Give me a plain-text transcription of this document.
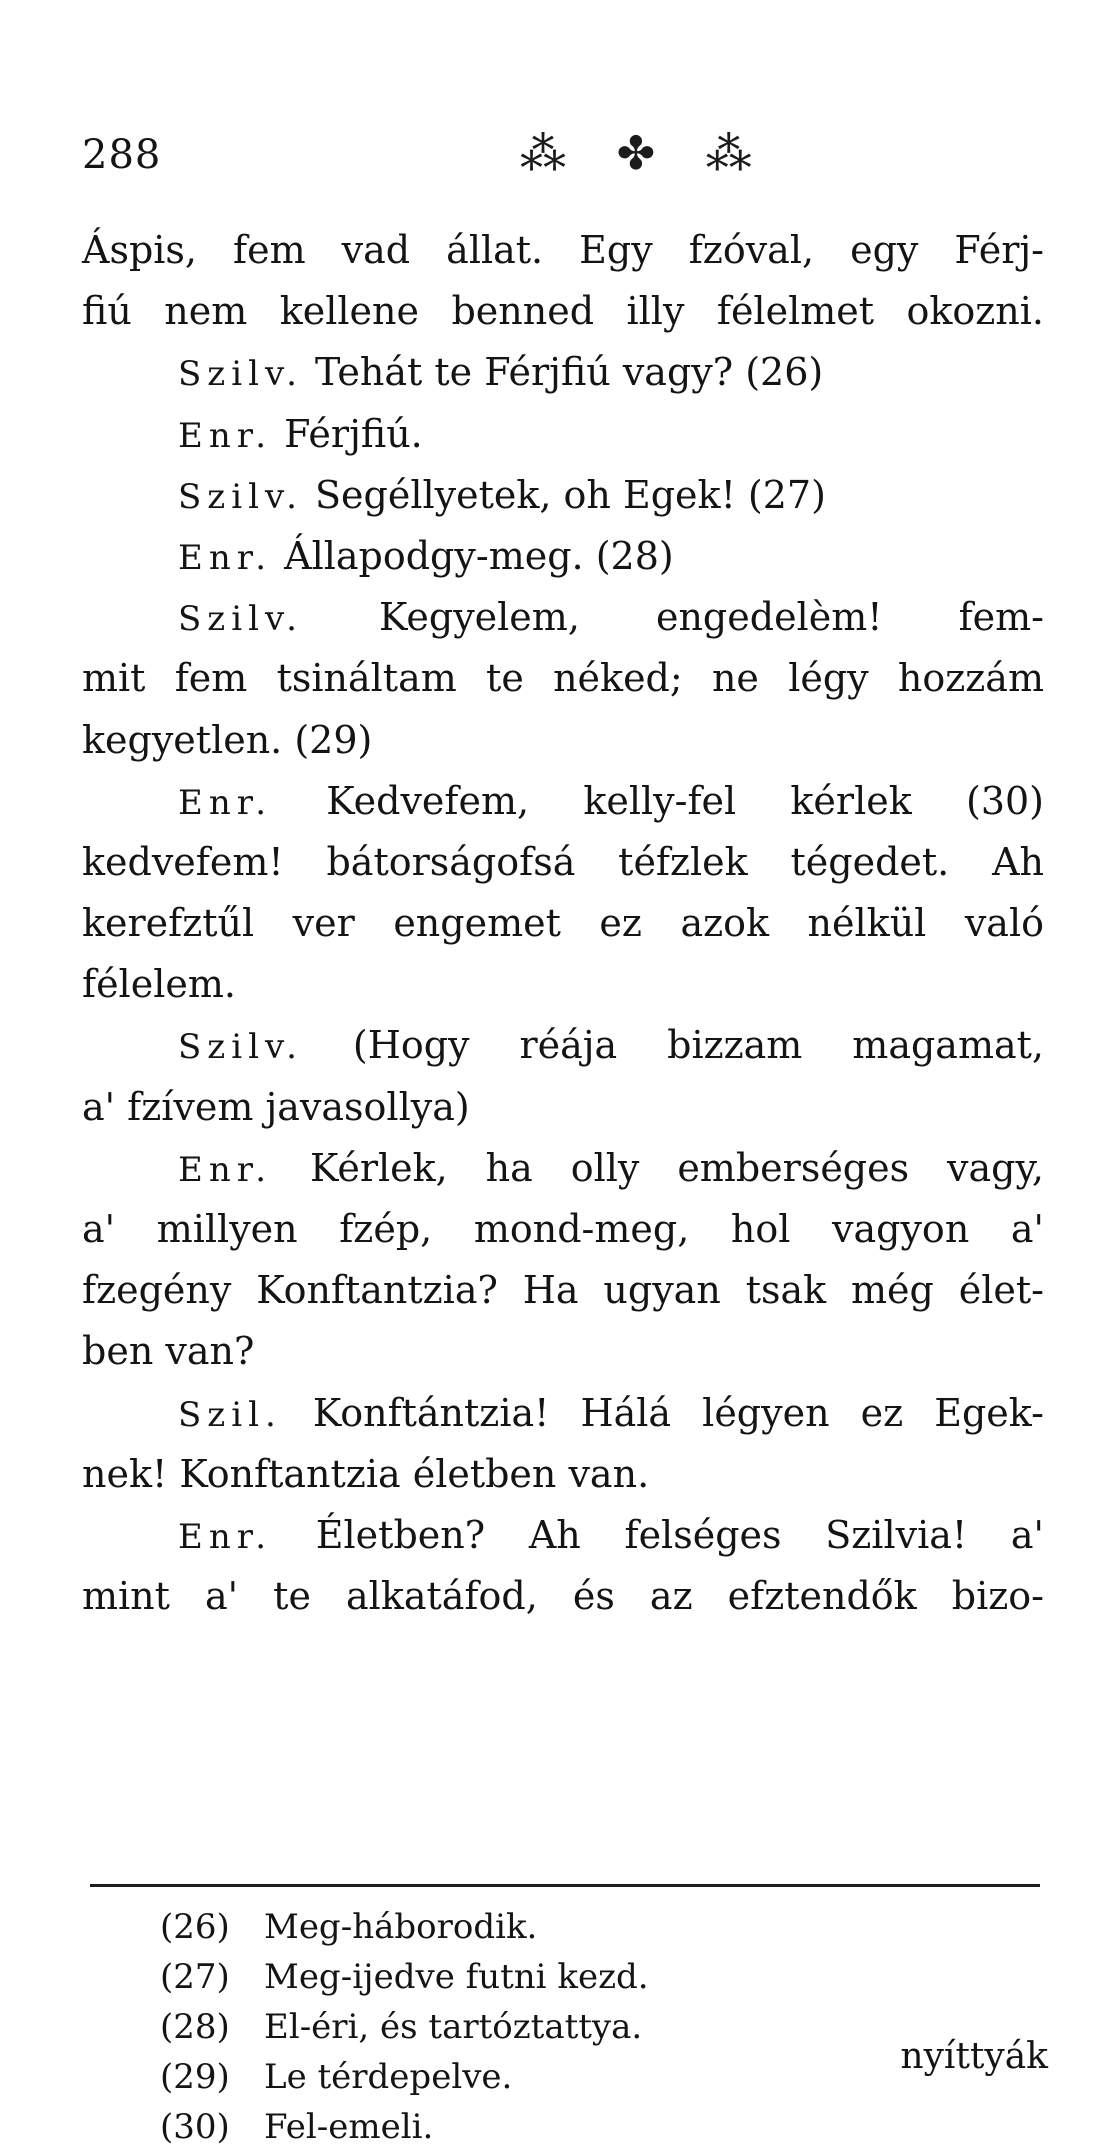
288	⁂ ✤ ⁂
Áspis, fem vad állat. Egy fzóval, egy Férj-
fiú nem kellene benned illy félelmet okozni.
Szilv. Tehát te Férjfiú vagy? (26)
Enr. Férjfiú.
Szilv. Segéllyetek, oh Egek! (27)
Enr. Állapodgy-meg. (28)
Szilv. Kegyelem, engedelèm! fem-
mit fem tsináltam te néked; ne légy hozzám
kegyetlen. (29)
Enr. Kedvefem, kelly-fel kérlek (30)
kedvefem! bátorságofsá téfzlek tégedet. Ah
kerefztűl ver engemet ez azok nélkül való
félelem.
Szilv. (Hogy réája bizzam magamat,
a' fzívem javasollya)
Enr. Kérlek, ha olly emberséges vagy,
a' millyen fzép, mond-meg, hol vagyon a'
fzegény Konftantzia? Ha ugyan tsak még élet-
ben van?
Szil. Konftántzia! Hálá légyen ez Egek-
nek! Konftantzia életben van.
Enr. Életben? Ah felséges Szilvia! a'
mint a' te alkatáfod, és az efztendők bizo-
(26) Meg-háborodik.
(27) Meg-ijedve futni kezd.
(28) El-éri, és tartóztattya.
(29) Le térdepelve.
(30) Fel-emeli.
nyíttyák
